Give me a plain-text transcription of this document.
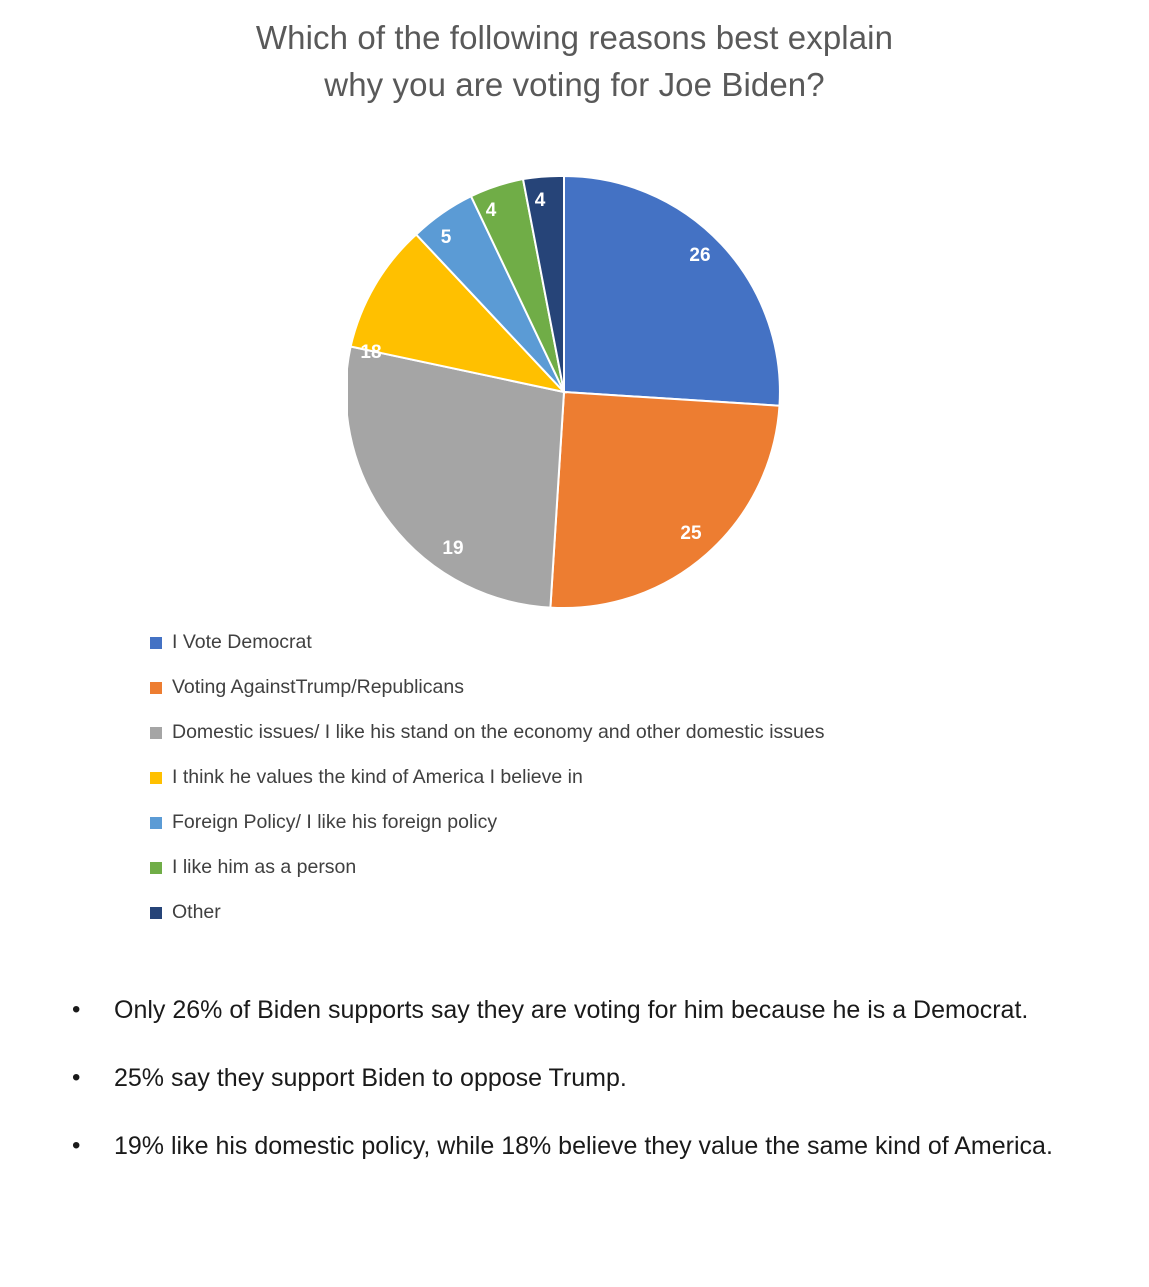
Which of the following reasons best explain
why you are voting for Joe Biden?
26
25
19
18
5
4 4
I Vote Democrat
Voting AgainstTrump/Republicans
Domestic issues/ I like his stand on the economy and other domestic issues
I think he values the kind of America I believe in
Foreign Policy/ I like his foreign policy
I like him as a person
Other
•	Only 26% of Biden supports say they are voting for him because he is a Democrat.
•	25% say they support Biden to oppose Trump.
•	19% like his domestic policy, while 18% believe they value the same kind of America.
